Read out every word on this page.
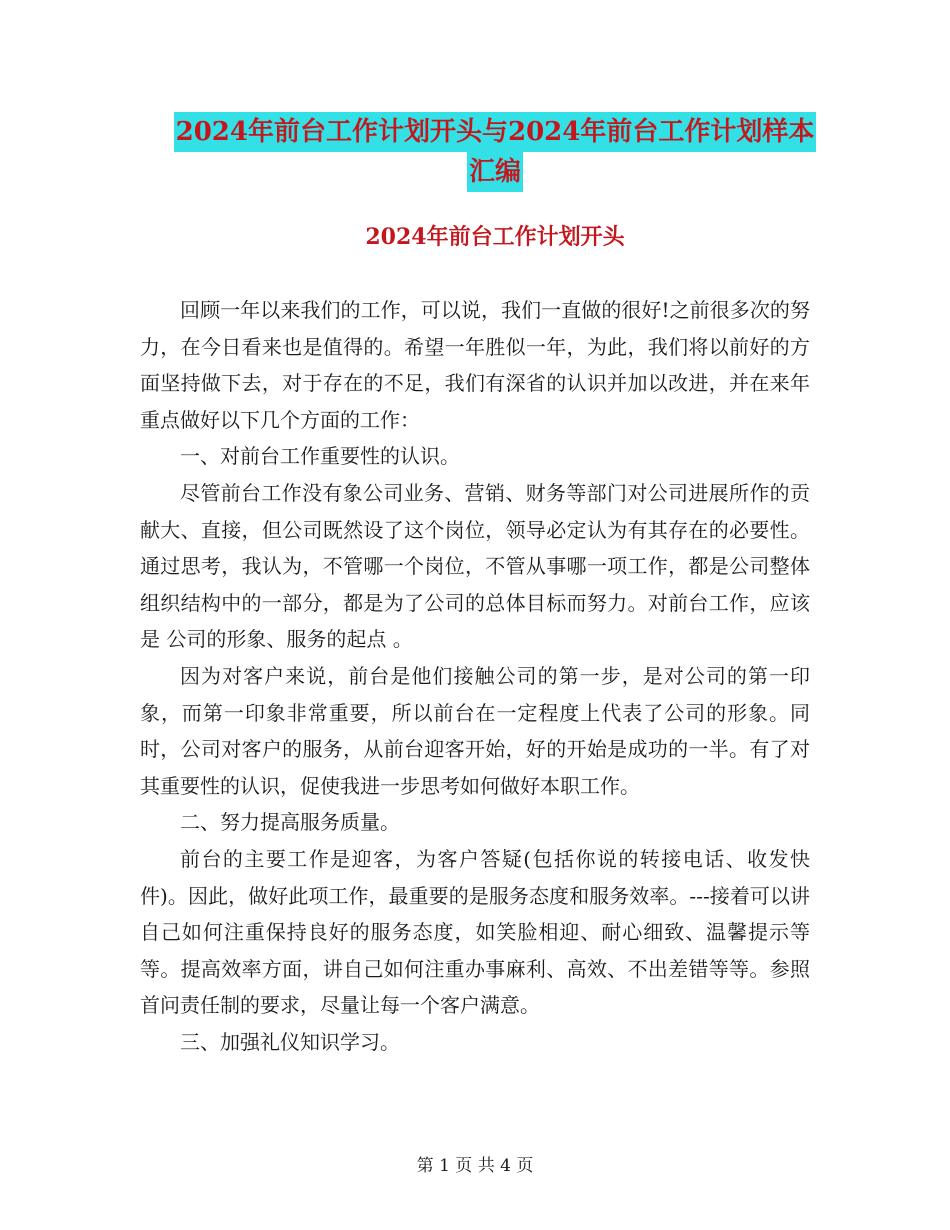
2024年前台工作计划开头与2024年前台工作计划样本
汇编
2024年前台工作计划开头

回顾一年以来我们的工作，可以说，我们一直做的很好!之前很多次的努力，在今日看来也是值得的。希望一年胜似一年，为此，我们将以前好的方面坚持做下去，对于存在的不足，我们有深省的认识并加以改进，并在来年重点做好以下几个方面的工作：

一、对前台工作重要性的认识。

尽管前台工作没有象公司业务、营销、财务等部门对公司进展所作的贡献大、直接，但公司既然设了这个岗位，领导必定认为有其存在的必要性。通过思考，我认为，不管哪一个岗位，不管从事哪一项工作，都是公司整体组织结构中的一部分，都是为了公司的总体目标而努力。对前台工作，应该是 公司的形象、服务的起点 。

因为对客户来说，前台是他们接触公司的第一步，是对公司的第一印象，而第一印象非常重要，所以前台在一定程度上代表了公司的形象。同时，公司对客户的服务，从前台迎客开始，好的开始是成功的一半。有了对其重要性的认识，促使我进一步思考如何做好本职工作。

二、努力提高服务质量。

前台的主要工作是迎客，为客户答疑(包括你说的转接电话、收发快件)。因此，做好此项工作，最重要的是服务态度和服务效率。---接着可以讲自己如何注重保持良好的服务态度，如笑脸相迎、耐心细致、温馨提示等等。提高效率方面，讲自己如何注重办事麻利、高效、不出差错等等。参照首问责任制的要求，尽量让每一个客户满意。

三、加强礼仪知识学习。

第 1 页 共 4 页
